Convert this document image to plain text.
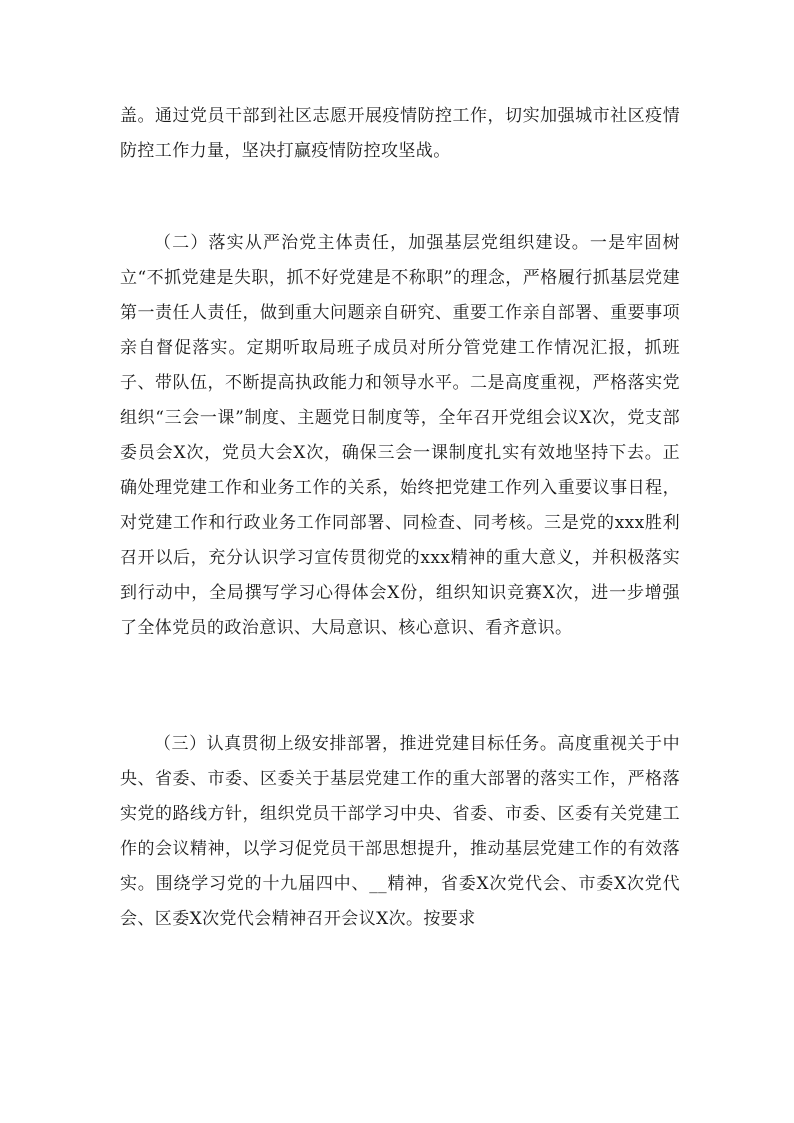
盖。通过党员干部到社区志愿开展疫情防控工作，切实加强城市社区疫情防控工作力量，坚决打赢疫情防控攻坚战。

（二）落实从严治党主体责任，加强基层党组织建设。一是牢固树立“不抓党建是失职，抓不好党建是不称职”的理念，严格履行抓基层党建第一责任人责任，做到重大问题亲自研究、重要工作亲自部署、重要事项亲自督促落实。定期听取局班子成员对所分管党建工作情况汇报，抓班子、带队伍，不断提高执政能力和领导水平。二是高度重视，严格落实党组织“三会一课”制度、主题党日制度等，全年召开党组会议X次，党支部委员会X次，党员大会X次，确保三会一课制度扎实有效地坚持下去。正确处理党建工作和业务工作的关系，始终把党建工作列入重要议事日程，对党建工作和行政业务工作同部署、同检查、同考核。三是党的xxx胜利召开以后，充分认识学习宣传贯彻党的xxx精神的重大意义，并积极落实到行动中，全局撰写学习心得体会X份，组织知识竞赛X次，进一步增强了全体党员的政治意识、大局意识、核心意识、看齐意识。

（三）认真贯彻上级安排部署，推进党建目标任务。高度重视关于中央、省委、市委、区委关于基层党建工作的重大部署的落实工作，严格落实党的路线方针，组织党员干部学习中央、省委、市委、区委有关党建工作的会议精神，以学习促党员干部思想提升，推动基层党建工作的有效落实。围绕学习党的十九届四中、__精神，省委X次党代会、市委X次党代会、区委X次党代会精神召开会议X次。按要求
